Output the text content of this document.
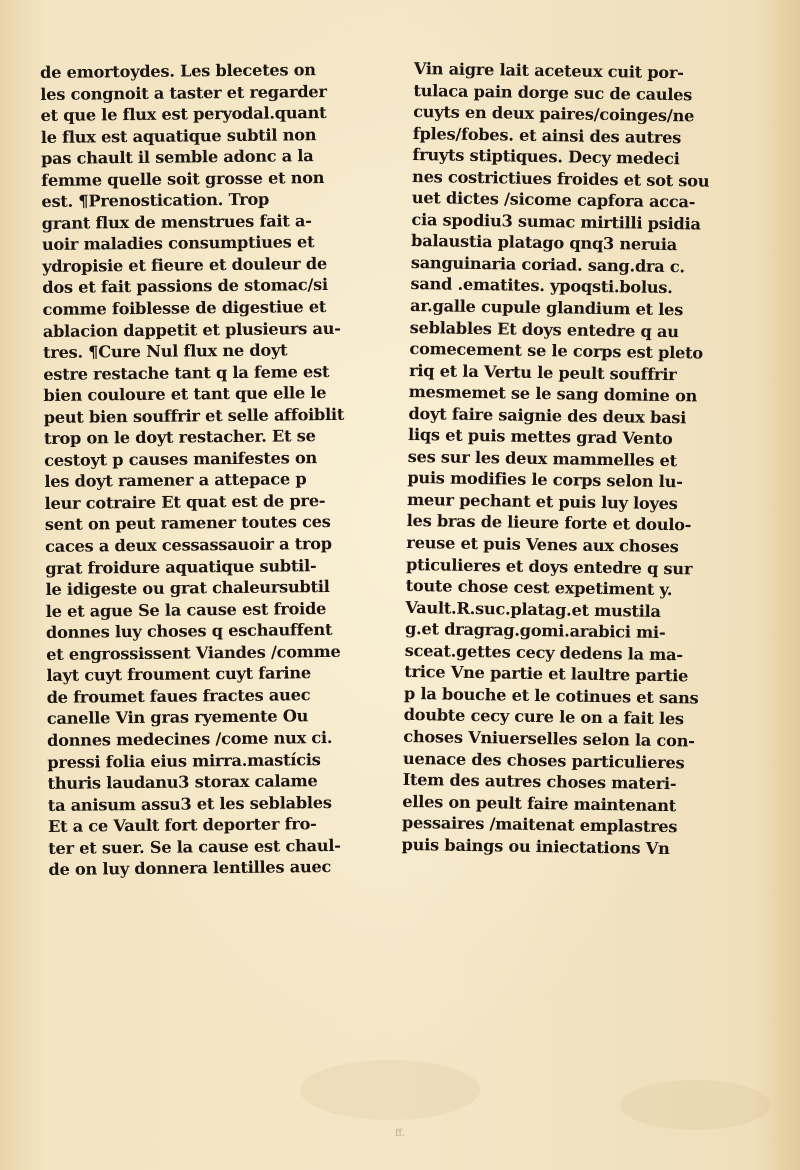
de emortoydes. Les blecetes on
les congnoit a taster et regarder
et que le flux est peryodal.quant
le flux est aquatique subtil non
pas chault il semble adonc a la
femme quelle soit grosse et non
est. ¶Prenostication. Trop
grant flux de menstrues fait a-
uoir maladies consumptiues et
ydropisie et fieure et douleur de
dos et fait passions de stomac/si
comme foiblesse de digestiue et
ablacion dappetit et plusieurs au-
tres. ¶Cure Nul flux ne doyt
estre restache tant q la feme est
bien couloure et tant que elle le
peut bien souffrir et selle affoiblit
trop on le doyt restacher. Et se
cestoyt p causes manifestes on
les doyt ramener a attepace p
leur cotraire Et quat est de pre-
sent on peut ramener toutes ces
caces a deux cessassauoir a trop
grat froidure aquatique subtil-
le idigeste ou grat chaleursubtil
le et ague Se la cause est froide
donnes luy choses q eschauffent
et engrossissent Viandes /comme
layt cuyt froument cuyt farine
de froumet faues fractes auec
canelle Vin gras ryemente Ou
donnes medecines /come nux ci.
pressi folia eius mirra.mastícis
thuris laudanu3 storax calame
ta anisum assu3 et les seblables
Et a ce Vault fort deporter fro-
ter et suer. Se la cause est chaul-
de on luy donnera lentilles auec
Vin aigre lait aceteux cuit por-
tulaca pain dorge suc de caules
cuyts en deux paires/coinges/ne
fples/fobes. et ainsi des autres
fruyts stiptiques. Decy medeci
nes costrictiues froides et sot sou
uet dictes /sicome capfora acca-
cia spodiu3 sumac mirtilli psidia
balaustia platago qnq3 neruia
sanguinaria coriad. sang.dra c.
sand .ematites. ypoqsti.bolus.
ar.galle cupule glandium et les
seblables Et doys entedre q au
comecement se le corps est pleto
riq et la Vertu le peult souffrir
mesmemet se le sang domine on
doyt faire saignie des deux basi
liqs et puis mettes grad Vento
ses sur les deux mammelles et
puis modifies le corps selon lu-
meur pechant et puis luy loyes
les bras de lieure forte et doulo-
reuse et puis Venes aux choses
pticulieres et doys entedre q sur
toute chose cest expetiment y.
Vault.R.suc.platag.et mustila
g.et dragrag.gomi.arabici mi-
sceat.gettes cecy dedens la ma-
trice Vne partie et laultre partie
p la bouche et le cotinues et sans
doubte cecy cure le on a fait les
choses Vniuerselles selon la con-
uenace des choses particulieres
Item des autres choses materi-
elles on peult faire maintenant
pessaires /maitenat emplastres
puis baings ou iniectations Vn
ff.
